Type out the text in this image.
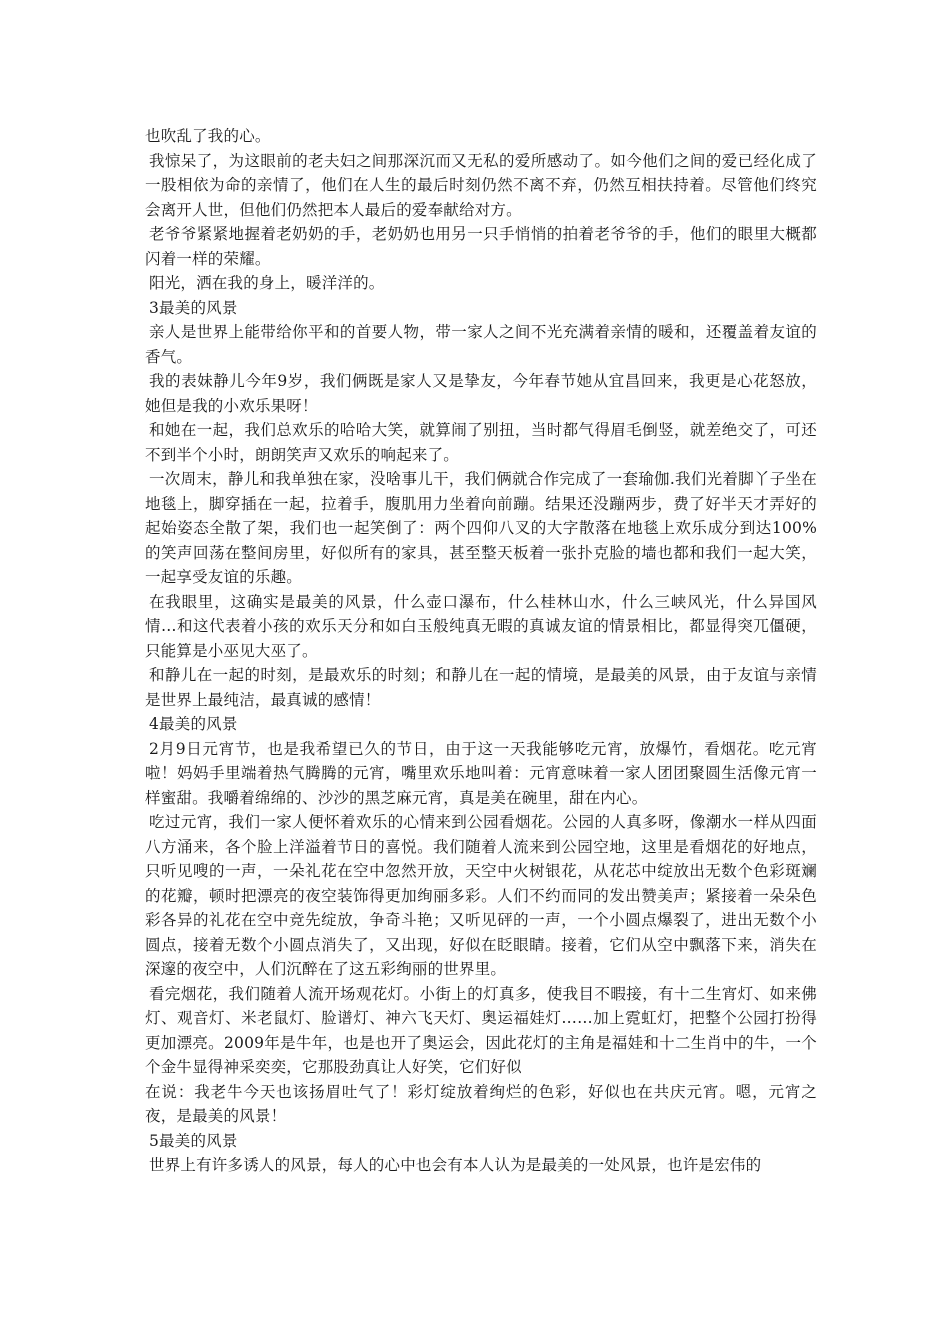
也吹乱了我的心。

我惊呆了，为这眼前的老夫妇之间那深沉而又无私的爱所感动了。如今他们之间的爱已经化成了一股相依为命的亲情了，他们在人生的最后时刻仍然不离不弃，仍然互相扶持着。尽管他们终究会离开人世，但他们仍然把本人最后的爱奉献给对方。

老爷爷紧紧地握着老奶奶的手，老奶奶也用另一只手悄悄的拍着老爷爷的手，他们的眼里大概都闪着一样的荣耀。

阳光，洒在我的身上，暖洋洋的。

3最美的风景

亲人是世界上能带给你平和的首要人物，带一家人之间不光充满着亲情的暖和，还覆盖着友谊的香气。

我的表妹静儿今年9岁，我们俩既是家人又是挚友，今年春节她从宜昌回来，我更是心花怒放，她但是我的小欢乐果呀！

和她在一起，我们总欢乐的哈哈大笑，就算闹了别扭，当时都气得眉毛倒竖，就差绝交了，可还不到半个小时，朗朗笑声又欢乐的响起来了。

一次周末，静儿和我单独在家，没啥事儿干，我们俩就合作完成了一套瑜伽.我们光着脚丫子坐在地毯上，脚穿插在一起，拉着手，腹肌用力坐着向前蹦。结果还没蹦两步，费了好半天才弄好的起始姿态全散了架，我们也一起笑倒了：两个四仰八叉的大字散落在地毯上欢乐成分到达100%的笑声回荡在整间房里，好似所有的家具，甚至整天板着一张扑克脸的墙也都和我们一起大笑，一起享受友谊的乐趣。

在我眼里，这确实是最美的风景，什么壶口瀑布，什么桂林山水，什么三峡风光，什么异国风情…和这代表着小孩的欢乐天分和如白玉般纯真无暇的真诚友谊的情景相比，都显得突兀僵硬，只能算是小巫见大巫了。

和静儿在一起的时刻，是最欢乐的时刻；和静儿在一起的情境，是最美的风景，由于友谊与亲情是世界上最纯洁，最真诚的感情！

4最美的风景

2月9日元宵节，也是我希望已久的节日，由于这一天我能够吃元宵，放爆竹，看烟花。吃元宵啦！妈妈手里端着热气腾腾的元宵，嘴里欢乐地叫着：元宵意味着一家人团团聚圆生活像元宵一样蜜甜。我嚼着绵绵的、沙沙的黑芝麻元宵，真是美在碗里，甜在内心。

吃过元宵，我们一家人便怀着欢乐的心情来到公园看烟花。公园的人真多呀，像潮水一样从四面八方涌来，各个脸上洋溢着节日的喜悦。我们随着人流来到公园空地，这里是看烟花的好地点，只听见嗖的一声，一朵礼花在空中忽然开放，天空中火树银花，从花芯中绽放出无数个色彩斑斓的花瓣，顿时把漂亮的夜空装饰得更加绚丽多彩。人们不约而同的发出赞美声；紧接着一朵朵色彩各异的礼花在空中竞先绽放，争奇斗艳；又听见砰的一声，一个小圆点爆裂了，进出无数个小圆点，接着无数个小圆点消失了，又出现，好似在眨眼睛。接着，它们从空中飘落下来，消失在深邃的夜空中，人们沉醉在了这五彩绚丽的世界里。

看完烟花，我们随着人流开场观花灯。小街上的灯真多，使我目不暇接，有十二生宵灯、如来佛灯、观音灯、米老鼠灯、脸谱灯、神六飞天灯、奥运福娃灯……加上霓虹灯，把整个公园打扮得更加漂亮。2009年是牛年，也是也开了奥运会，因此花灯的主角是福娃和十二生肖中的牛，一个个金牛显得神采奕奕，它那股劲真让人好笑，它们好似

在说：我老牛今天也该扬眉吐气了！彩灯绽放着绚烂的色彩，好似也在共庆元宵。嗯，元宵之夜，是最美的风景！

5最美的风景

世界上有许多诱人的风景，每人的心中也会有本人认为是最美的一处风景，也许是宏伟的
